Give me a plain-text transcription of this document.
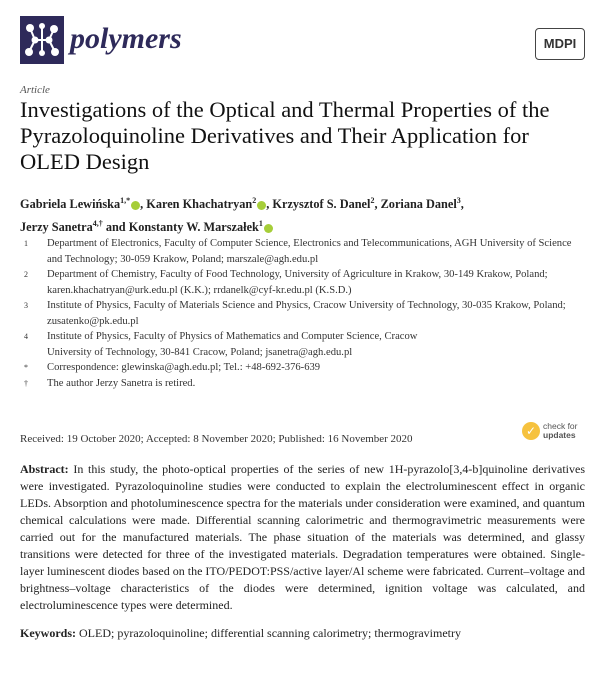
polymers	MDPI
Article
Investigations of the Optical and Thermal Properties of the Pyrazoloquinoline Derivatives and Their Application for OLED Design
Gabriela Lewińska$^{1,*}$ , Karen Khachatryan$^2$ , Krzysztof S. Danel$^2$, Zoriana Danel$^3$,
Jerzy Sanetra$^{4,\dagger}$ and Konstanty W. Marszałek$^1$
1	Department of Electronics, Faculty of Computer Science, Electronics and Telecommunications, AGH University of Science and Technology; 30-059 Krakow, Poland; marszale@agh.edu.pl
2	Department of Chemistry, Faculty of Food Technology, University of Agriculture in Krakow, 30-149 Krakow, Poland; karen.khachatryan@urk.edu.pl (K.K.); rrdanelk@cyf-kr.edu.pl (K.S.D.)
3	Institute of Physics, Faculty of Materials Science and Physics, Cracow University of Technology, 30-035 Krakow, Poland; zusatenko@pk.edu.pl
4	Institute of Physics, Faculty of Physics of Mathematics and Computer Science, Cracow University of Technology, 30-841 Cracow, Poland; jsanetra@agh.edu.pl
*	Correspondence: glewinska@agh.edu.pl; Tel.: +48-692-376-639
†	The author Jerzy Sanetra is retired.
Received: 19 October 2020; Accepted: 8 November 2020; Published: 16 November 2020
✓ check for
updates
Abstract: In this study, the photo-optical properties of the series of new 1H-pyrazolo[3,4-b]quinoline derivatives were investigated. Pyrazoloquinoline studies were conducted to explain the electroluminescent effect in organic LEDs. Absorption and photoluminescence spectra for the materials under consideration were examined, and quantum chemical calculations were made. Differential scanning calorimetric and thermogravimetric measurements were carried out for the manufactured materials. The phase situation of the materials was determined, and glassy transitions were detected for three of the investigated materials. Degradation temperatures were obtained. Single-layer luminescent diodes based on the ITO/PEDOT:PSS/active layer/Al scheme were fabricated. Current–voltage and brightness–voltage characteristics of the diodes were determined, ignition voltage was calculated, and electroluminescence types were determined.
Keywords: OLED; pyrazoloquinoline; differential scanning calorimetry; thermogravimetry
